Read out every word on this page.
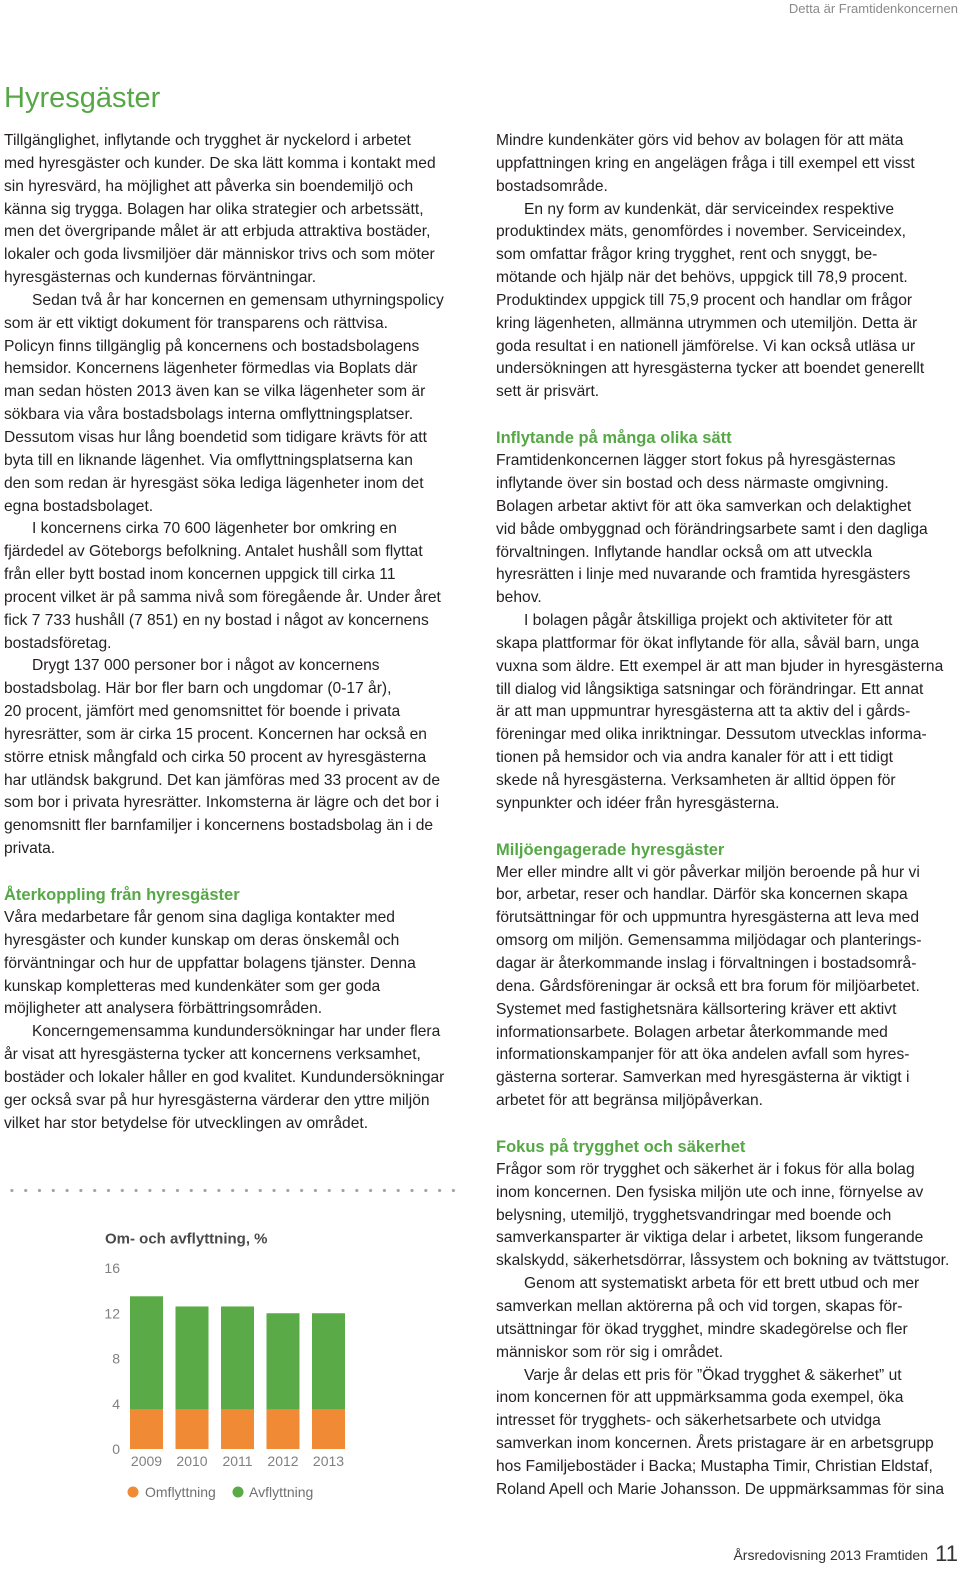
Detta är Framtidenkoncernen
Hyresgäster
Tillgänglighet, inflytande och trygghet är nyckelord i arbetet
med hyresgäster och kunder. De ska lätt komma i kontakt med
sin hyresvärd, ha möjlighet att påverka sin boendemiljö och
känna sig trygga. Bolagen har olika strategier och arbetssätt,
men det övergripande målet är att erbjuda attraktiva bostäder,
lokaler och goda livsmiljöer där människor trivs och som möter
hyresgästernas och kundernas förväntningar.
Sedan två år har koncernen en gemensam uthyrningspolicy
som är ett viktigt dokument för transparens och rättvisa.
Policyn finns tillgänglig på koncernens och bostadsbolagens
hemsidor. Koncernens lägenheter förmedlas via Boplats där
man sedan hösten 2013 även kan se vilka lägenheter som är
sökbara via våra bostadsbolags interna omflyttningsplatser.
Dessutom visas hur lång boendetid som tidigare krävts för att
byta till en liknande lägenhet. Via omflyttningsplatserna kan
den som redan är hyresgäst söka lediga lägenheter inom det
egna bostadsbolaget.
I koncernens cirka 70 600 lägenheter bor omkring en
fjärdedel av Göteborgs befolkning. Antalet hushåll som flyttat
från eller bytt bostad inom koncernen uppgick till cirka 11
procent vilket är på samma nivå som föregående år. Under året
fick 7 733 hushåll (7 851) en ny bostad i något av koncernens
bostadsföretag.
Drygt 137 000 personer bor i något av koncernens
bostadsbolag. Här bor fler barn och ungdomar (0-17 år),
20 procent, jämfört med genomsnittet för boende i privata
hyresrätter, som är cirka 15 procent. Koncernen har också en
större etnisk mångfald och cirka 50 procent av hyresgästerna
har utländsk bakgrund. Det kan jämföras med 33 procent av de
som bor i privata hyresrätter. Inkomsterna är lägre och det bor i
genomsnitt fler barnfamiljer i koncernens bostadsbolag än i de
privata.
Återkoppling från hyresgäster
Våra medarbetare får genom sina dagliga kontakter med
hyresgäster och kunder kunskap om deras önskemål och
förväntningar och hur de uppfattar bolagens tjänster. Denna
kunskap kompletteras med kundenkäter som ger goda
möjligheter att analysera förbättringsområden.
Koncerngemensamma kundundersökningar har under flera
år visat att hyresgästerna tycker att koncernens verksamhet,
bostäder och lokaler håller en god kvalitet. Kundundersökningar
ger också svar på hur hyresgästerna värderar den yttre miljön
vilket har stor betydelse för utvecklingen av området.
Mindre kundenkäter görs vid behov av bolagen för att mäta
uppfattningen kring en angelägen fråga i till exempel ett visst
bostadsområde.
En ny form av kundenkät, där serviceindex respektive
produktindex mäts, genomfördes i november. Serviceindex,
som omfattar frågor kring trygghet, rent och snyggt, be-
mötande och hjälp när det behövs, uppgick till 78,9 procent.
Produktindex uppgick till 75,9 procent och handlar om frågor
kring lägenheten, allmänna utrymmen och utemiljön. Detta är
goda resultat i en nationell jämförelse. Vi kan också utläsa ur
undersökningen att hyresgästerna tycker att boendet generellt
sett är prisvärt.
Inflytande på många olika sätt
Framtidenkoncernen lägger stort fokus på hyresgästernas
inflytande över sin bostad och dess närmaste omgivning.
Bolagen arbetar aktivt för att öka samverkan och delaktighet
vid både ombyggnad och förändringsarbete samt i den dagliga
förvaltningen. Inflytande handlar också om att utveckla
hyresrätten i linje med nuvarande och framtida hyresgästers
behov.
I bolagen pågår åtskilliga projekt och aktiviteter för att
skapa plattformar för ökat inflytande för alla, såväl barn, unga
vuxna som äldre. Ett exempel är att man bjuder in hyresgästerna
till dialog vid långsiktiga satsningar och förändringar. Ett annat
är att man uppmuntrar hyresgästerna att ta aktiv del i gårds-
föreningar med olika inriktningar. Dessutom utvecklas informa-
tionen på hemsidor och via andra kanaler för att i ett tidigt
skede nå hyresgästerna. Verksamheten är alltid öppen för
synpunkter och idéer från hyresgästerna.
Miljöengagerade hyresgäster
Mer eller mindre allt vi gör påverkar miljön beroende på hur vi
bor, arbetar, reser och handlar. Därför ska koncernen skapa
förutsättningar för och uppmuntra hyresgästerna att leva med
omsorg om miljön. Gemensamma miljödagar och planterings-
dagar är återkommande inslag i förvaltningen i bostadsområ-
dena. Gårdsföreningar är också ett bra forum för miljöarbetet.
Systemet med fastighetsnära källsortering kräver ett aktivt
informationsarbete. Bolagen arbetar återkommande med
informationskampanjer för att öka andelen avfall som hyres-
gästerna sorterar. Samverkan med hyresgästerna är viktigt i
arbetet för att begränsa miljöpåverkan.
Fokus på trygghet och säkerhet
Frågor som rör trygghet och säkerhet är i fokus för alla bolag
inom koncernen. Den fysiska miljön ute och inne, förnyelse av
belysning, utemiljö, trygghetsvandringar med boende och
samverkansparter är viktiga delar i arbetet, liksom fungerande
skalskydd, säkerhetsdörrar, låssystem och bokning av tvättstugor.
Genom att systematiskt arbeta för ett brett utbud och mer
samverkan mellan aktörerna på och vid torgen, skapas för-
utsättningar för ökad trygghet, mindre skadegörelse och fler
människor som rör sig i området.
Varje år delas ett pris för ”Ökad trygghet & säkerhet” ut
inom koncernen för att uppmärksamma goda exempel, öka
intresset för trygghets- och säkerhetsarbete och utvidga
samverkan inom koncernen. Årets pristagare är en arbetsgrupp
hos Familjebostäder i Backa; Mustapha Timir, Christian Eldstaf,
Roland Apell och Marie Johansson. De uppmärksammas för sina
Om- och avflyttning, %
0
4
8
12
16
2009 2010 2011 2012 2013
Omflyttning Avflyttning
Årsredovisning 2013 Framtiden 11
